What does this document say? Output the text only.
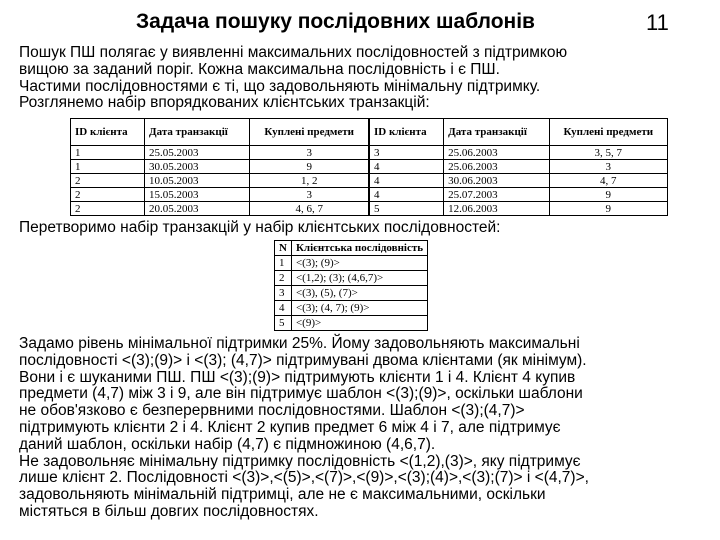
Задача пошуку послідовних шаблонів	11
Пошук ПШ полягає у виявленні максимальних послідовностей з підтримкою
вищою за заданий поріг. Кожна максимальна послідовність і є ПШ.
Частими послідовностями є ті, що задовольняють мінімальну підтримку.
Розглянемо набір впорядкованих клієнтських транзакцій:
ID клієнта	Дата транзакції	Куплені предмети	ID клієнта	Дата транзакції	Куплені предмети
1	25.05.2003	3	3	25.06.2003	3, 5, 7
1	30.05.2003	9	4	25.06.2003	3
2	10.05.2003	1, 2	4	30.06.2003	4, 7
2	15.05.2003	3	4	25.07.2003	9
2	20.05.2003	4, 6, 7	5	12.06.2003	9
Перетворимо набір транзакцій у набір клієнтських послідовностей:
N	Клієнтська послідовність
1	<(3); (9)>
2	<(1,2); (3); (4,6,7)>
3	<(3), (5), (7)>
4	<(3); (4, 7); (9)>
5	<(9)>
Задамо рівень мінімальної підтримки 25%. Йому задовольняють максимальні
послідовності <(3);(9)> і <(3); (4,7)> підтримувані двома клієнтами (як мінімум).
Вони і є шуканими ПШ. ПШ <(3);(9)> підтримують клієнти 1 і 4. Клієнт 4 купив
предмети (4,7) між 3 і 9, але він підтримує шаблон <(3);(9)>, оскільки шаблони
не обов'язково є безперервними послідовностями. Шаблон <(3);(4,7)>
підтримують клієнти 2 і 4. Клієнт 2 купив предмет 6 між 4 і 7, але підтримує
даний шаблон, оскільки набір (4,7) є підмножиною (4,6,7).
Не задовольняє мінімальну підтримку послідовність <(1,2),(3)>, яку підтримує
лише клієнт 2. Послідовності <(3)>,<(5)>,<(7)>,<(9)>,<(3);(4)>,<(3);(7)> і <(4,7)>,
задовольняють мінімальній підтримці, але не є максимальними, оскільки
містяться в більш довгих послідовностях.
